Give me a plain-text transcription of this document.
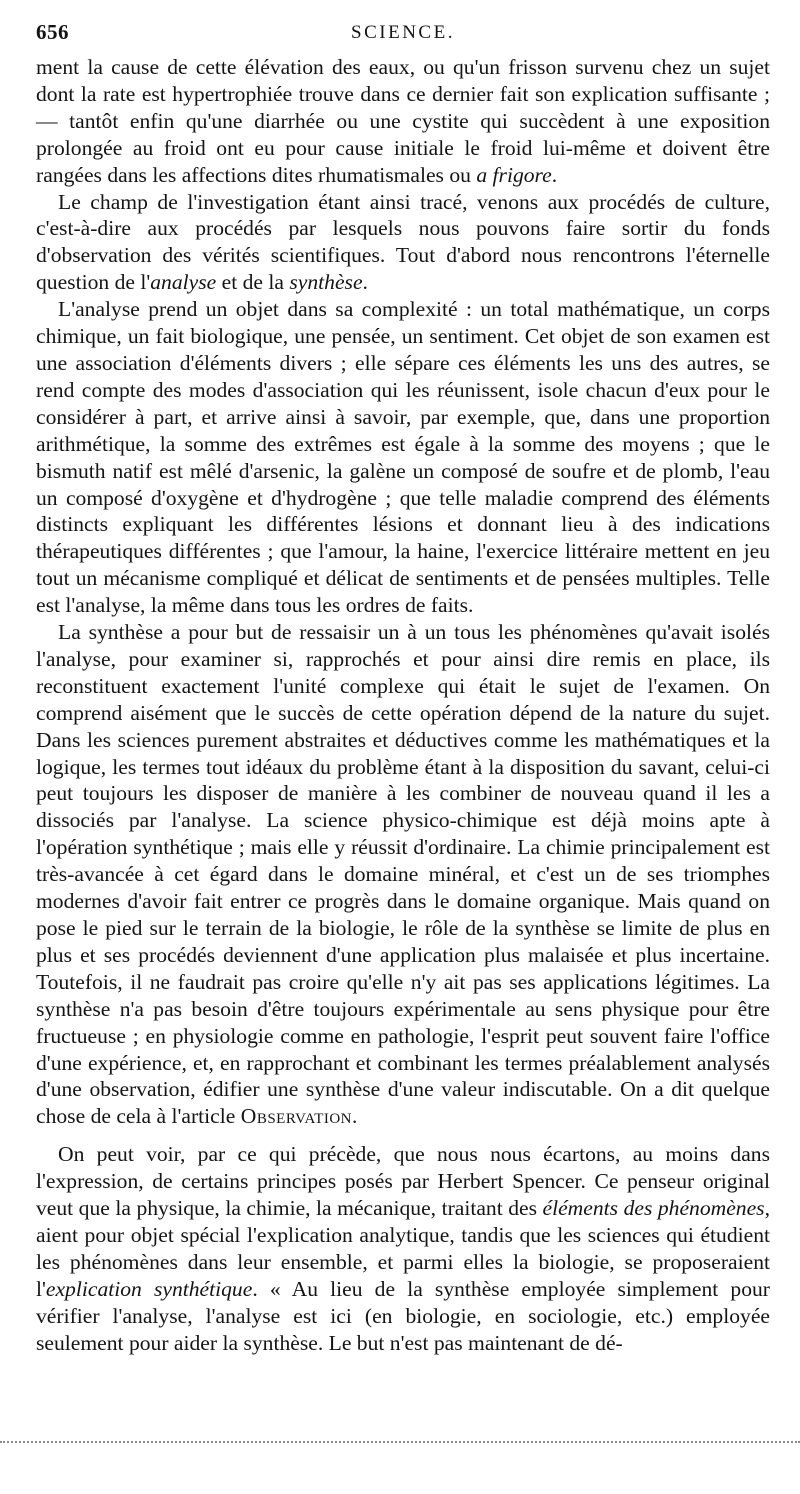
656	SCIENCE.

ment la cause de cette élévation des eaux, ou qu'un frisson survenu chez un sujet dont la rate est hypertrophiée trouve dans ce dernier fait son explication suffisante ; — tantôt enfin qu'une diarrhée ou une cystite qui succèdent à une exposition prolongée au froid ont eu pour cause initiale le froid lui-même et doivent être rangées dans les affections dites rhumatismales ou a frigore.

Le champ de l'investigation étant ainsi tracé, venons aux procédés de culture, c'est-à-dire aux procédés par lesquels nous pouvons faire sortir du fonds d'observation des vérités scientifiques. Tout d'abord nous rencontrons l'éternelle question de l'analyse et de la synthèse.

L'analyse prend un objet dans sa complexité : un total mathématique, un corps chimique, un fait biologique, une pensée, un sentiment. Cet objet de son examen est une association d'éléments divers ; elle sépare ces éléments les uns des autres, se rend compte des modes d'association qui les réunissent, isole chacun d'eux pour le considérer à part, et arrive ainsi à savoir, par exemple, que, dans une proportion arithmétique, la somme des extrêmes est égale à la somme des moyens ; que le bismuth natif est mêlé d'arsenic, la galène un composé de soufre et de plomb, l'eau un composé d'oxygène et d'hydrogène ; que telle maladie comprend des éléments distincts expliquant les différentes lésions et donnant lieu à des indications thérapeutiques différentes ; que l'amour, la haine, l'exercice littéraire mettent en jeu tout un mécanisme compliqué et délicat de sentiments et de pensées multiples. Telle est l'analyse, la même dans tous les ordres de faits.

La synthèse a pour but de ressaisir un à un tous les phénomènes qu'avait isolés l'analyse, pour examiner si, rapprochés et pour ainsi dire remis en place, ils reconstituent exactement l'unité complexe qui était le sujet de l'examen. On comprend aisément que le succès de cette opération dépend de la nature du sujet. Dans les sciences purement abstraites et déductives comme les mathématiques et la logique, les termes tout idéaux du problème étant à la disposition du savant, celui-ci peut toujours les disposer de manière à les combiner de nouveau quand il les a dissociés par l'analyse. La science physico-chimique est déjà moins apte à l'opération synthétique ; mais elle y réussit d'ordinaire. La chimie principalement est très-avancée à cet égard dans le domaine minéral, et c'est un de ses triomphes modernes d'avoir fait entrer ce progrès dans le domaine organique. Mais quand on pose le pied sur le terrain de la biologie, le rôle de la synthèse se limite de plus en plus et ses procédés deviennent d'une application plus malaisée et plus incertaine. Toutefois, il ne faudrait pas croire qu'elle n'y ait pas ses applications légitimes. La synthèse n'a pas besoin d'être toujours expérimentale au sens physique pour être fructueuse ; en physiologie comme en pathologie, l'esprit peut souvent faire l'office d'une expérience, et, en rapprochant et combinant les termes préalablement analysés d'une observation, édifier une synthèse d'une valeur indiscutable. On a dit quelque chose de cela à l'article Observation.

On peut voir, par ce qui précède, que nous nous écartons, au moins dans l'expression, de certains principes posés par Herbert Spencer. Ce penseur original veut que la physique, la chimie, la mécanique, traitant des éléments des phénomènes, aient pour objet spécial l'explication analytique, tandis que les sciences qui étudient les phénomènes dans leur ensemble, et parmi elles la biologie, se proposeraient l'explication synthétique. « Au lieu de la synthèse employée simplement pour vérifier l'analyse, l'analyse est ici (en biologie, en sociologie, etc.) employée seulement pour aider la synthèse. Le but n'est pas maintenant de dé-
